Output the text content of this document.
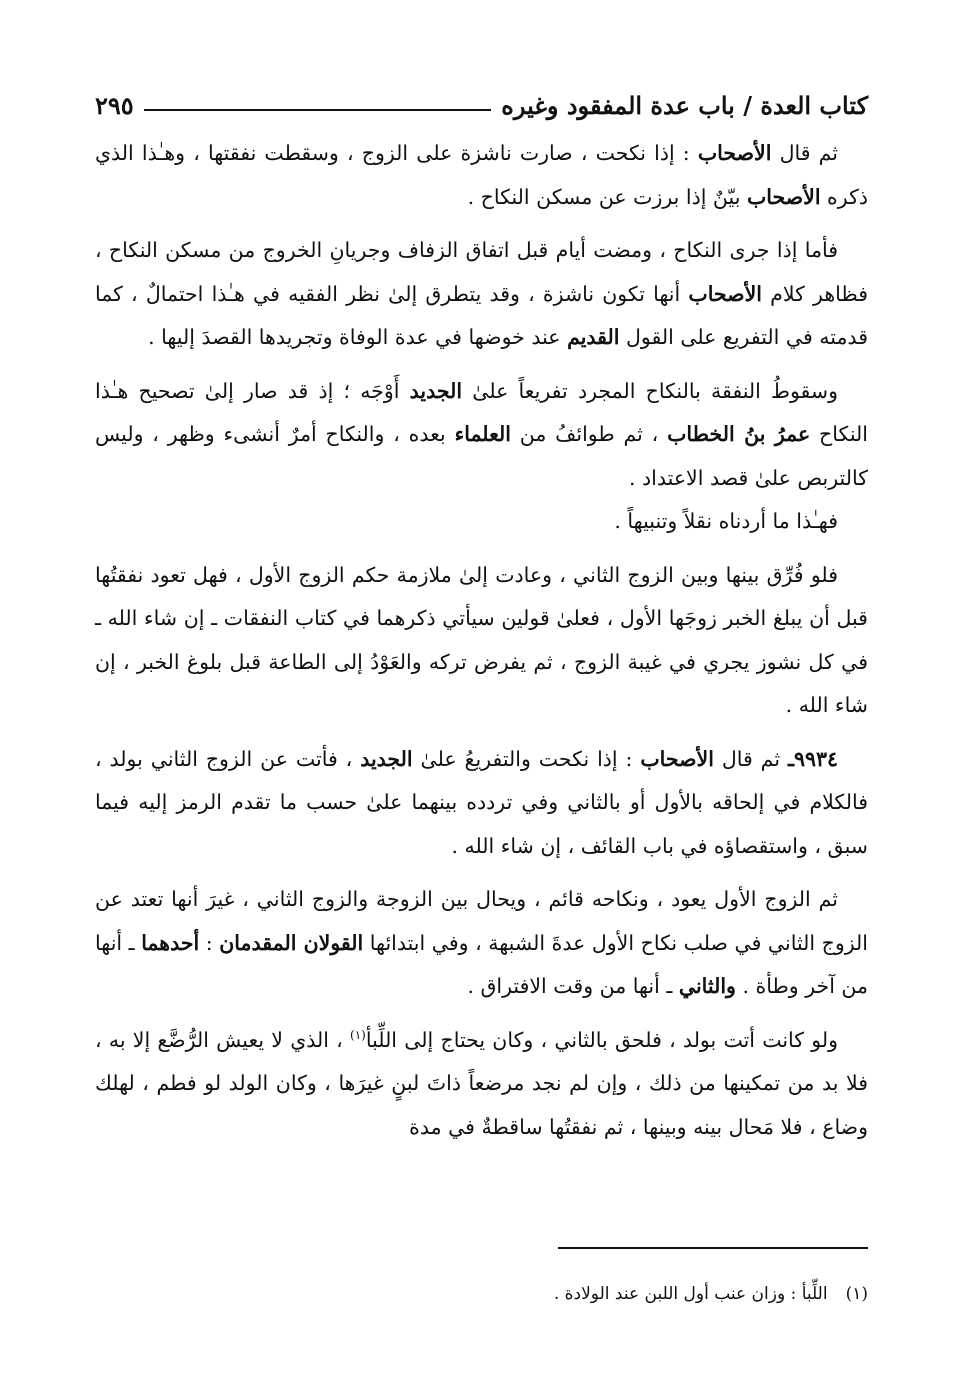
كتاب العدة / باب عدة المفقود وغيره
٢٩٥

ثم قال الأصحاب : إذا نكحت ، صارت ناشزة على الزوج ، وسقطت نفقتها ، وهـٰذا الذي ذكره الأصحاب بيّنٌ إذا برزت عن مسكن النكاح .

فأما إذا جرى النكاح ، ومضت أيام قبل اتفاق الزفاف وجريانِ الخروج من مسكن النكاح ، فظاهر كلام الأصحاب أنها تكون ناشزة ، وقد يتطرق إلىٰ نظر الفقيه في هـٰذا احتمالٌ ، كما قدمته في التفريع على القول القديم عند خوضها في عدة الوفاة وتجريدها القصدَ إليها .

وسقوطُ النفقة بالنكاح المجرد تفريعاً علىٰ الجديد أَوْجَه ؛ إذ قد صار إلىٰ تصحيح هـٰذا النكاح عمرُ بنُ الخطاب ، ثم طوائفُ من العلماء بعده ، والنكاح أمرٌ أنشىء وظهر ، وليس كالتربص علىٰ قصد الاعتداد .

فهـٰذا ما أردناه نقلاً وتنبيهاً .

فلو فُرِّق بينها وبين الزوج الثاني ، وعادت إلىٰ ملازمة حكم الزوج الأول ، فهل تعود نفقتُها قبل أن يبلغ الخبر زوجَها الأول ، فعلىٰ قولين سيأتي ذكرهما في كتاب النفقات ـ إن شاء الله ـ في كل نشوز يجري في غيبة الزوج ، ثم يفرض تركه والعَوْدُ إلى الطاعة قبل بلوغ الخبر ، إن شاء الله .

٩٩٣٤ـ ثم قال الأصحاب : إذا نكحت والتفريعُ علىٰ الجديد ، فأتت عن الزوج الثاني بولد ، فالكلام في إلحاقه بالأول أو بالثاني وفي تردده بينهما علىٰ حسب ما تقدم الرمز إليه فيما سبق ، واستقصاؤه في باب القائف ، إن شاء الله .

ثم الزوج الأول يعود ، ونكاحه قائم ، ويحال بين الزوجة والزوج الثاني ، غيرَ أنها تعتد عن الزوج الثاني في صلب نكاح الأول عدةَ الشبهة ، وفي ابتدائها القولان المقدمان : أحدهما ـ أنها من آخر وطأة . والثاني ـ أنها من وقت الافتراق .

ولو كانت أتت بولد ، فلحق بالثاني ، وكان يحتاج إلى اللِّبأ$^{(١)}$ ، الذي لا يعيش الرُّضَّع إلا به ، فلا بد من تمكينها من ذلك ، وإن لم نجد مرضعاً ذاتَ لبنٍ غيرَها ، وكان الولد لو فطم ، لهلك وضاع ، فلا مَحال بينه وبينها ، ثم نفقتُها ساقطةٌ في مدة

(١)اللِّبأ : وزان عنب أول اللبن عند الولادة .
